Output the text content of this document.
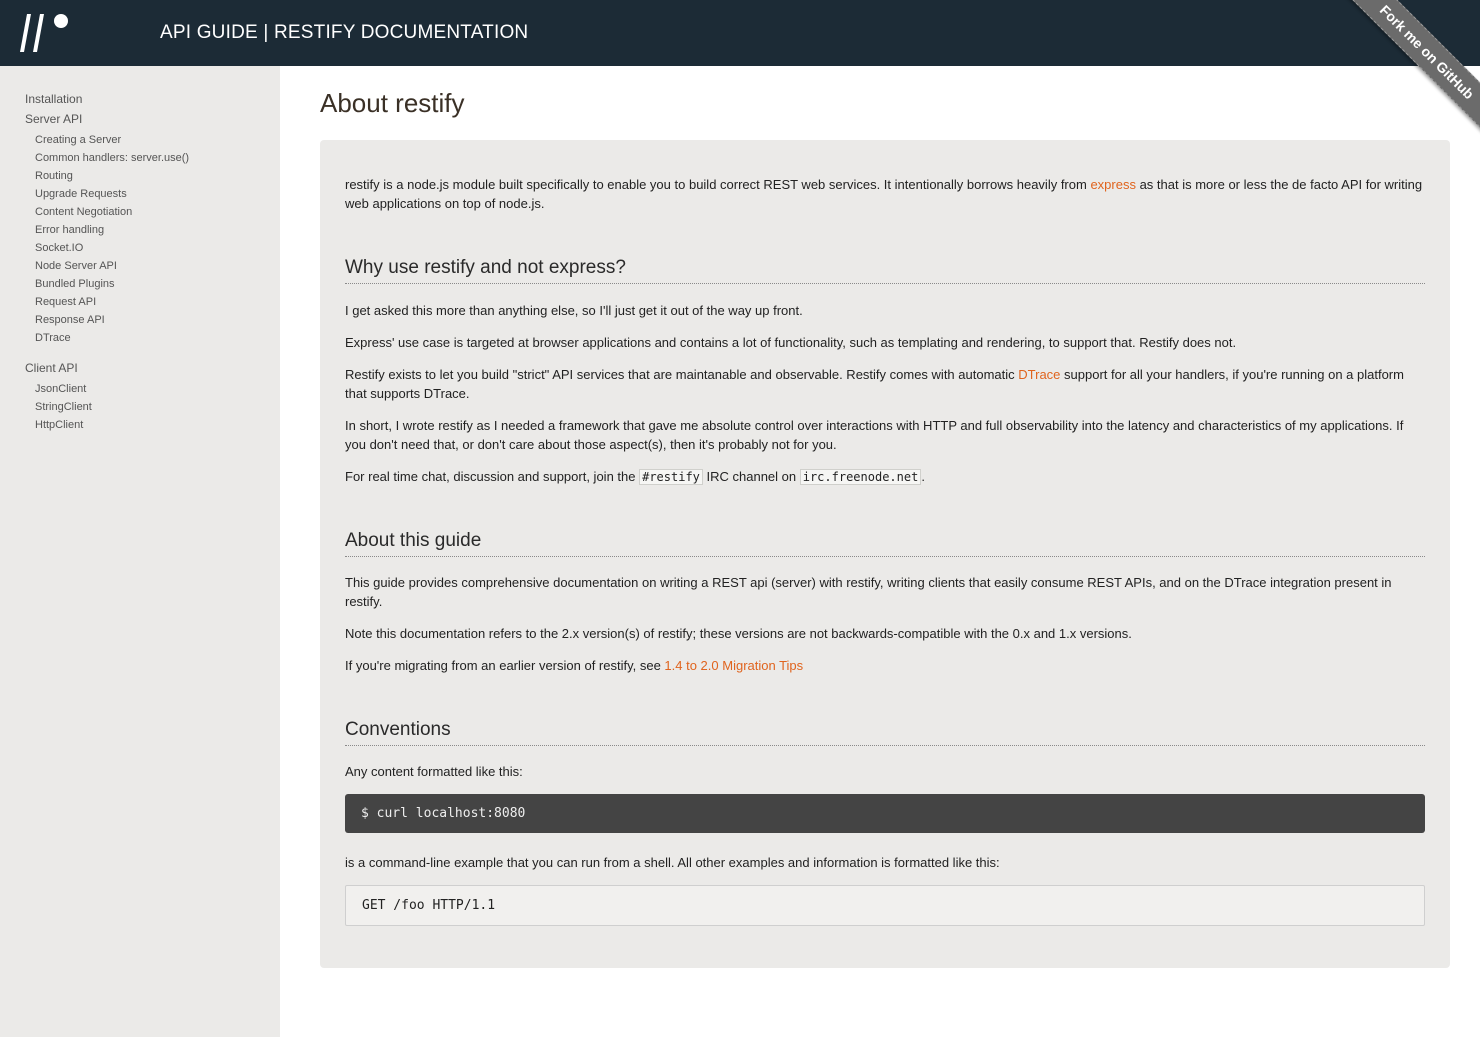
API GUIDE | RESTIFY DOCUMENTATION	Fork me on GitHub
Installation
Server API
Creating a Server
Common handlers: server.use()
Routing
Upgrade Requests
Content Negotiation
Error handling
Socket.IO
Node Server API
Bundled Plugins
Request API
Response API
DTrace
Client API
JsonClient
StringClient
HttpClient
About restify

restify is a node.js module built specifically to enable you to build correct REST web services. It intentionally borrows heavily from express as that is more or less the de facto API for writing web applications on top of node.js.

Why use restify and not express?

I get asked this more than anything else, so I'll just get it out of the way up front.

Express' use case is targeted at browser applications and contains a lot of functionality, such as templating and rendering, to support that. Restify does not.

Restify exists to let you build "strict" API services that are maintanable and observable. Restify comes with automatic DTrace support for all your handlers, if you're running on a platform that supports DTrace.

In short, I wrote restify as I needed a framework that gave me absolute control over interactions with HTTP and full observability into the latency and characteristics of my applications. If you don't need that, or don't care about those aspect(s), then it's probably not for you.

For real time chat, discussion and support, join the #restify IRC channel on irc.freenode.net .

About this guide

This guide provides comprehensive documentation on writing a REST api (server) with restify, writing clients that easily consume REST APIs, and on the DTrace integration present in restify.

Note this documentation refers to the 2.x version(s) of restify; these versions are not backwards-compatible with the 0.x and 1.x versions.

If you're migrating from an earlier version of restify, see 1.4 to 2.0 Migration Tips

Conventions

Any content formatted like this:

$ curl localhost:8080

is a command-line example that you can run from a shell. All other examples and information is formatted like this:

GET /foo HTTP/1.1
